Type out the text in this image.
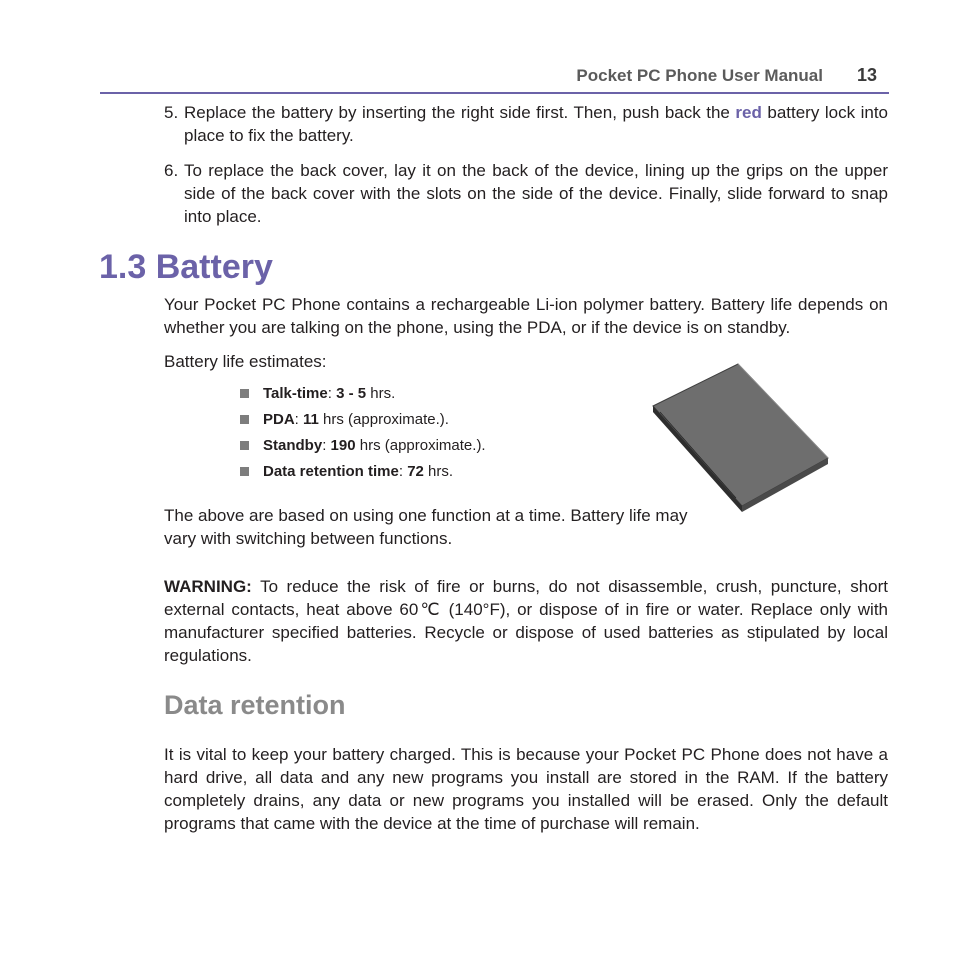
Pocket PC Phone User Manual 13
5. Replace the battery by inserting the right side first. Then, push back the red battery lock into place to fix the battery.
6. To replace the back cover, lay it on the back of the device, lining up the grips on the upper side of the back cover with the slots on the side of the device. Finally, slide forward to snap into place.
1.3 Battery
Your Pocket PC Phone contains a rechargeable Li-ion polymer battery. Battery life depends on whether you are talking on the phone, using the PDA, or if the device is on standby.
Battery life estimates:
Talk-time: 3 - 5 hrs.
PDA: 11 hrs (approximate.).
Standby: 190 hrs (approximate.).
Data retention time: 72 hrs.
The above are based on using one function at a time. Battery life may vary with switching between functions.
WARNING: To reduce the risk of fire or burns, do not disassemble, crush, puncture, short external contacts, heat above 60℃ (140°F), or dispose of in fire or water. Replace only with manufacturer specified batteries. Recycle or dispose of used batteries as stipulated by local regulations.
Data retention
It is vital to keep your battery charged. This is because your Pocket PC Phone does not have a hard drive, all data and any new programs you install are stored in the RAM. If the battery completely drains, any data or new programs you installed will be erased. Only the default programs that came with the device at the time of purchase will remain.
